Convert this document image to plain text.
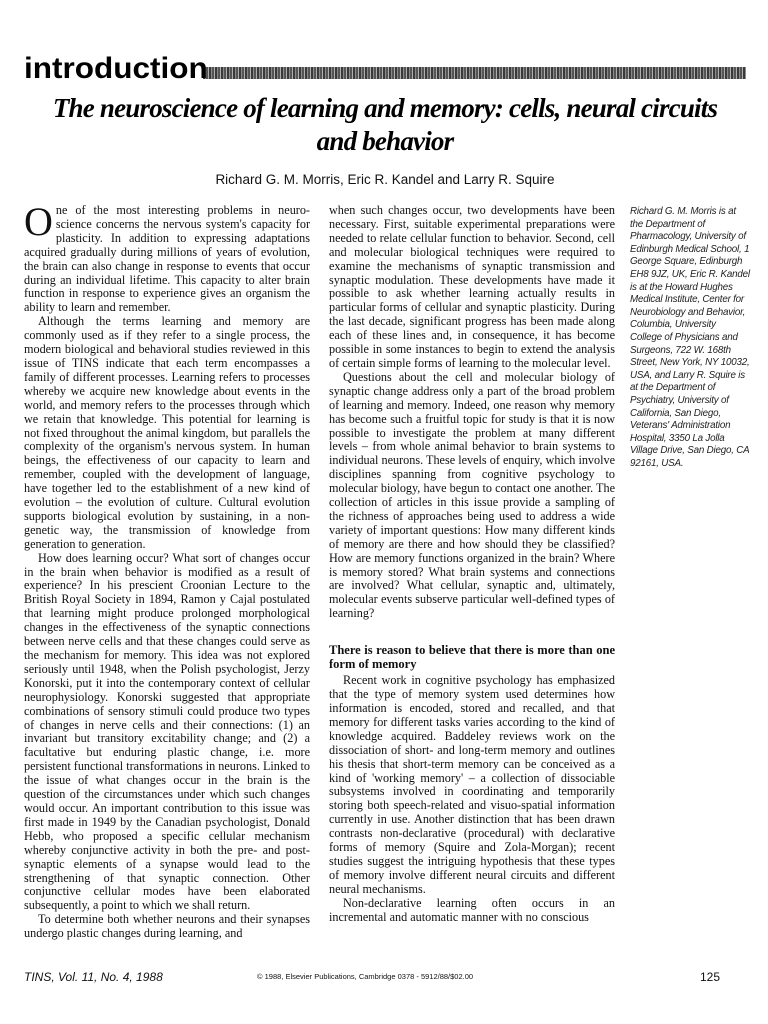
introduction
The neuroscience of learning and memory: cells, neural circuits and behavior
Richard G. M. Morris, Eric R. Kandel and Larry R. Squire

One of the most interesting problems in neuro-science concerns the nervous system's capacity for plasticity. In addition to expressing adaptations acquired gradually during millions of years of evolution, the brain can also change in response to events that occur during an individual lifetime. This capacity to alter brain function in response to experience gives an organism the ability to learn and remember.

Although the terms learning and memory are commonly used as if they refer to a single process, the modern biological and behavioral studies reviewed in this issue of TINS indicate that each term encompasses a family of different processes. Learning refers to processes whereby we acquire new knowledge about events in the world, and memory refers to the processes through which we retain that knowledge. This potential for learning is not fixed throughout the animal kingdom, but parallels the complexity of the organism's nervous system. In human beings, the effectiveness of our capacity to learn and remember, coupled with the development of language, have together led to the establishment of a new kind of evolution – the evolution of culture. Cultural evolution supports biological evolution by sustaining, in a non-genetic way, the transmission of knowledge from generation to generation.

How does learning occur? What sort of changes occur in the brain when behavior is modified as a result of experience? In his prescient Croonian Lecture to the British Royal Society in 1894, Ramon y Cajal postulated that learning might produce prolonged morphological changes in the effectiveness of the synaptic connections between nerve cells and that these changes could serve as the mechanism for memory. This idea was not explored seriously until 1948, when the Polish psychologist, Jerzy Konorski, put it into the contemporary context of cellular neurophysiology. Konorski suggested that appropriate combinations of sensory stimuli could produce two types of changes in nerve cells and their connections: (1) an invariant but transitory excitability change; and (2) a facultative but enduring plastic change, i.e. more persistent functional transformations in neurons. Linked to the issue of what changes occur in the brain is the question of the circumstances under which such changes would occur. An important contribution to this issue was first made in 1949 by the Canadian psychologist, Donald Hebb, who proposed a specific cellular mechanism whereby conjunctive activity in both the pre- and post-synaptic elements of a synapse would lead to the strengthening of that synaptic connection. Other conjunctive cellular modes have been elaborated subsequently, a point to which we shall return.

To determine both whether neurons and their synapses undergo plastic changes during learning, and

when such changes occur, two developments have been necessary. First, suitable experimental preparations were needed to relate cellular function to behavior. Second, cell and molecular biological techniques were required to examine the mechanisms of synaptic transmission and synaptic modulation. These developments have made it possible to ask whether learning actually results in particular forms of cellular and synaptic plasticity. During the last decade, significant progress has been made along each of these lines and, in consequence, it has become possible in some instances to begin to extend the analysis of certain simple forms of learning to the molecular level.

Questions about the cell and molecular biology of synaptic change address only a part of the broad problem of learning and memory. Indeed, one reason why memory has become such a fruitful topic for study is that it is now possible to investigate the problem at many different levels – from whole animal behavior to brain systems to individual neurons. These levels of enquiry, which involve disciplines spanning from cognitive psychology to molecular biology, have begun to contact one another. The collection of articles in this issue provide a sampling of the richness of approaches being used to address a wide variety of important questions: How many different kinds of memory are there and how should they be classified? How are memory functions organized in the brain? Where is memory stored? What brain systems and connections are involved? What cellular, synaptic and, ultimately, molecular events subserve particular well-defined types of learning?

There is reason to believe that there is more than one form of memory

Recent work in cognitive psychology has emphasized that the type of memory system used determines how information is encoded, stored and recalled, and that memory for different tasks varies according to the kind of knowledge acquired. Baddeley reviews work on the dissociation of short- and long-term memory and outlines his thesis that short-term memory can be conceived as a kind of 'working memory' – a collection of dissociable subsystems involved in coordinating and temporarily storing both speech-related and visuo-spatial information currently in use. Another distinction that has been drawn contrasts non-declarative (procedural) with declarative forms of memory (Squire and Zola-Morgan); recent studies suggest the intriguing hypothesis that these types of memory involve different neural circuits and different neural mechanisms.

Non-declarative learning often occurs in an incremental and automatic manner with no conscious

Richard G. M. Morris is at the Department of Pharmacology, University of Edinburgh Medical School, 1 George Square, Edinburgh EH8 9JZ, UK, Eric R. Kandel is at the Howard Hughes Medical Institute, Center for Neurobiology and Behavior, Columbia, University College of Physicians and Surgeons, 722 W. 168th Street, New York, NY 10032, USA, and Larry R. Squire is at the Department of Psychiatry, University of California, San Diego, Veterans' Administration Hospital, 3350 La Jolla Village Drive, San Diego, CA 92161, USA.
TINS, Vol. 11, No. 4, 1988	© 1988, Elsevier Publications, Cambridge 0378 - 5912/88/$02.00	125
